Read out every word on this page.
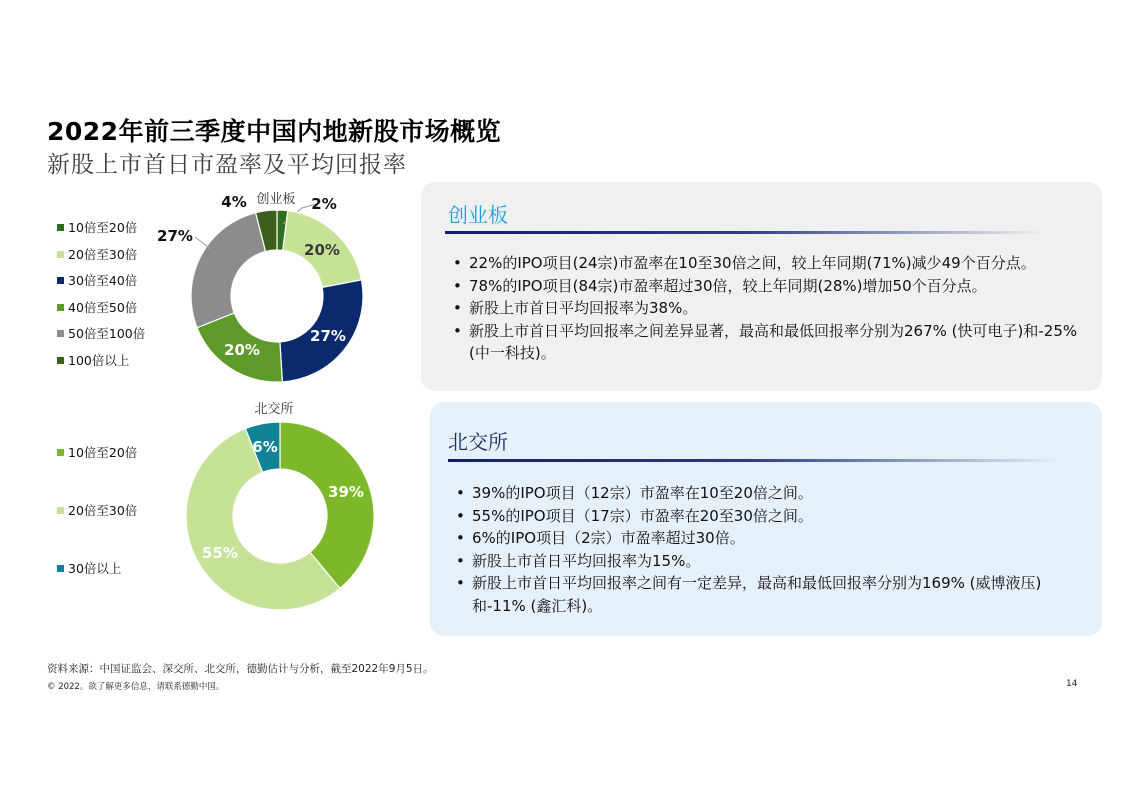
2022年前三季度中国内地新股市场概览
新股上市首日市盈率及平均回报率
10倍至20倍
20倍至30倍
30倍至40倍
40倍至50倍
50倍至100倍
100倍以上
10倍至20倍
20倍至30倍
30倍以上
2%
20%
27%
20%
27%
4% 创业板
39%
55%
6%
北交所
创业板
• 22%的IPO项目(24宗)市盈率在10至30倍之间，较上年同期(71%)减少49个百分点。
• 78%的IPO项目(84宗)市盈率超过30倍，较上年同期(28%)增加50个百分点。
• 新股上市首日平均回报率为38%。
• 新股上市首日平均回报率之间差异显著，最高和最低回报率分别为267% (快可电子)和-25% (中一科技)。
北交所
• 39%的IPO项目（12宗）市盈率在10至20倍之间。
• 55%的IPO项目（17宗）市盈率在20至30倍之间。
• 6%的IPO项目（2宗）市盈率超过30倍。
• 新股上市首日平均回报率为15%。
• 新股上市首日平均回报率之间有一定差异，最高和最低回报率分别为169% (威博液压)和-11% (鑫汇科)。
资料来源：中国证监会、深交所、北交所，德勤估计与分析，截至2022年9月5日。
© 2022。欲了解更多信息，请联系德勤中国。	14
